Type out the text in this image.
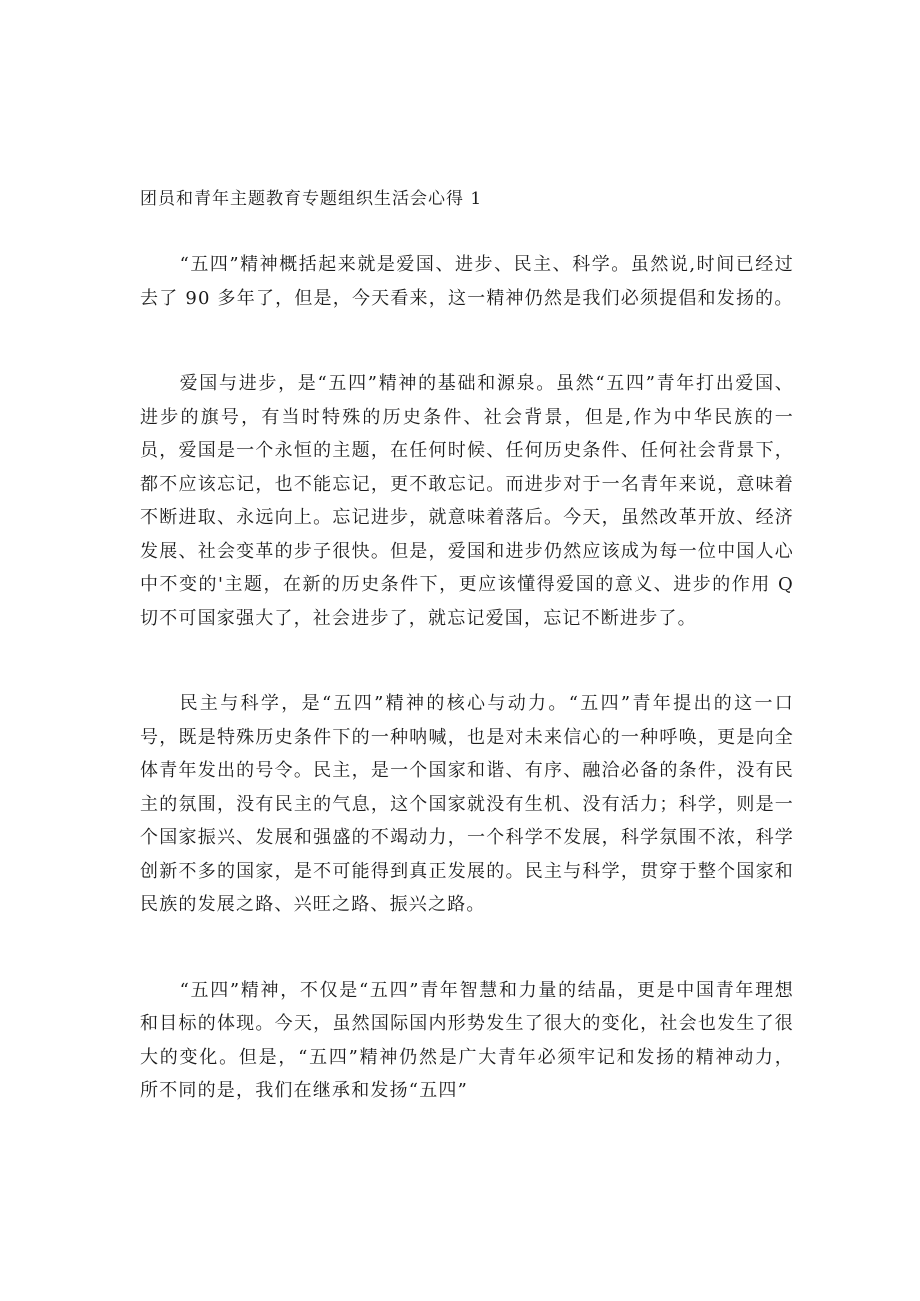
团员和青年主题教育专题组织生活会心得 1

“五四”精神概括起来就是爱国、进步、民主、科学。虽然说,时间已经过去了 90 多年了，但是，今天看来，这一精神仍然是我们必须提倡和发扬的。

爱国与进步，是“五四”精神的基础和源泉。虽然“五四”青年打出爱国、进步的旗号，有当时特殊的历史条件、社会背景，但是,作为中华民族的一员，爱国是一个永恒的主题，在任何时候、任何历史条件、任何社会背景下，都不应该忘记，也不能忘记，更不敢忘记。而进步对于一名青年来说，意味着不断进取、永远向上。忘记进步，就意味着落后。今天，虽然改革开放、经济发展、社会变革的步子很快。但是，爱国和进步仍然应该成为每一位中国人心中不变的'主题，在新的历史条件下，更应该懂得爱国的意义、进步的作用 Q 切不可国家强大了，社会进步了，就忘记爱国，忘记不断进步了。

民主与科学，是“五四”精神的核心与动力。“五四”青年提出的这一口号，既是特殊历史条件下的一种呐喊，也是对未来信心的一种呼唤，更是向全体青年发出的号令。民主，是一个国家和谐、有序、融洽必备的条件，没有民主的氛围，没有民主的气息，这个国家就没有生机、没有活力；科学，则是一个国家振兴、发展和强盛的不竭动力，一个科学不发展，科学氛围不浓，科学创新不多的国家，是不可能得到真正发展的。民主与科学，贯穿于整个国家和民族的发展之路、兴旺之路、振兴之路。

“五四”精神，不仅是“五四”青年智慧和力量的结晶，更是中国青年理想和目标的体现。今天，虽然国际国内形势发生了很大的变化，社会也发生了很大的变化。但是，“五四”精神仍然是广大青年必须牢记和发扬的精神动力，所不同的是，我们在继承和发扬“五四”
